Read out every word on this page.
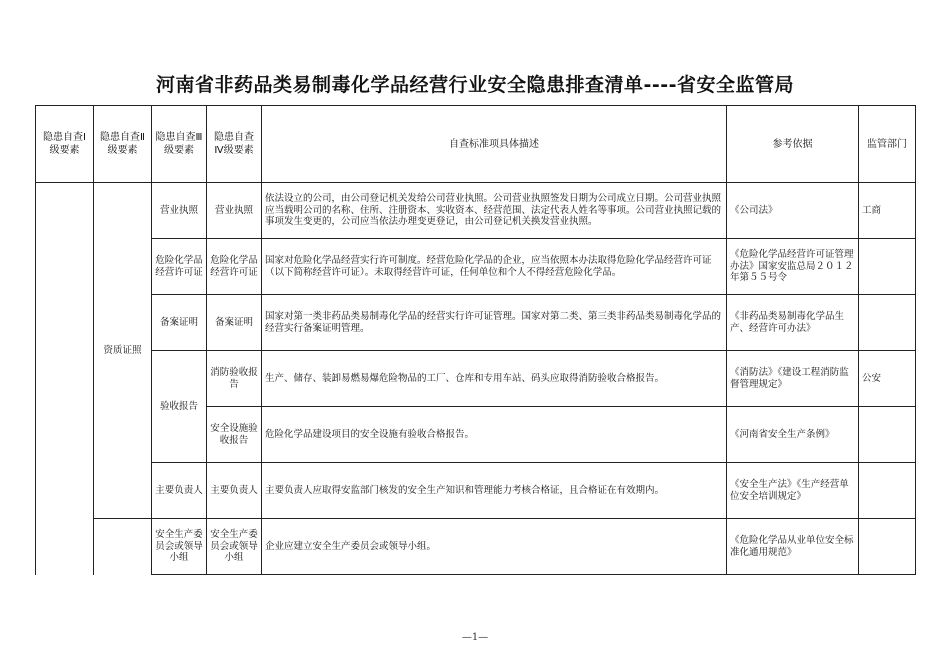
河南省非药品类易制毒化学品经营行业安全隐患排查清单----省安全监管局
隐患自查Ⅰ级要素	隐患自查Ⅱ级要素	隐患自查Ⅲ级要素	隐患自查Ⅳ级要素	自查标准项具体描述	参考依据	监管部门
	资质证照	营业执照	营业执照	依法设立的公司，由公司登记机关发给公司营业执照。公司营业执照签发日期为公司成立日期。公司营业执照应当载明公司的名称、住所、注册资本、实收资本、经营范围、法定代表人姓名等事项。公司营业执照记载的事项发生变更的，公司应当依法办理变更登记，由公司登记机关换发营业执照。	《公司法》	工商
		危险化学品经营许可证	危险化学品经营许可证	国家对危险化学品经营实行许可制度。经营危险化学品的企业，应当依照本办法取得危险化学品经营许可证（以下简称经营许可证）。未取得经营许可证，任何单位和个人不得经营危险化学品。	《危险化学品经营许可证管理办法》国家安监总局２０１２年第５５号令	
		备案证明	备案证明	国家对第一类非药品类易制毒化学品的经营实行许可证管理。国家对第二类、第三类非药品类易制毒化学品的经营实行备案证明管理。	《非药品类易制毒化学品生产、经营许可办法》	
		验收报告	消防验收报告	生产、储存、装卸易燃易爆危险物品的工厂、仓库和专用车站、码头应取得消防验收合格报告。	《消防法》《建设工程消防监督管理规定》	公安
			安全设施验收报告	危险化学品建设项目的安全设施有验收合格报告。	《河南省安全生产条例》	
		主要负责人	主要负责人	主要负责人应取得安监部门核发的安全生产知识和管理能力考核合格证，且合格证在有效期内。	《安全生产法》《生产经营单位安全培训规定》	
		安全生产委员会或领导小组	安全生产委员会或领导小组	企业应建立安全生产委员会或领导小组。	《危险化学品从业单位安全标准化通用规范》	
—1—
